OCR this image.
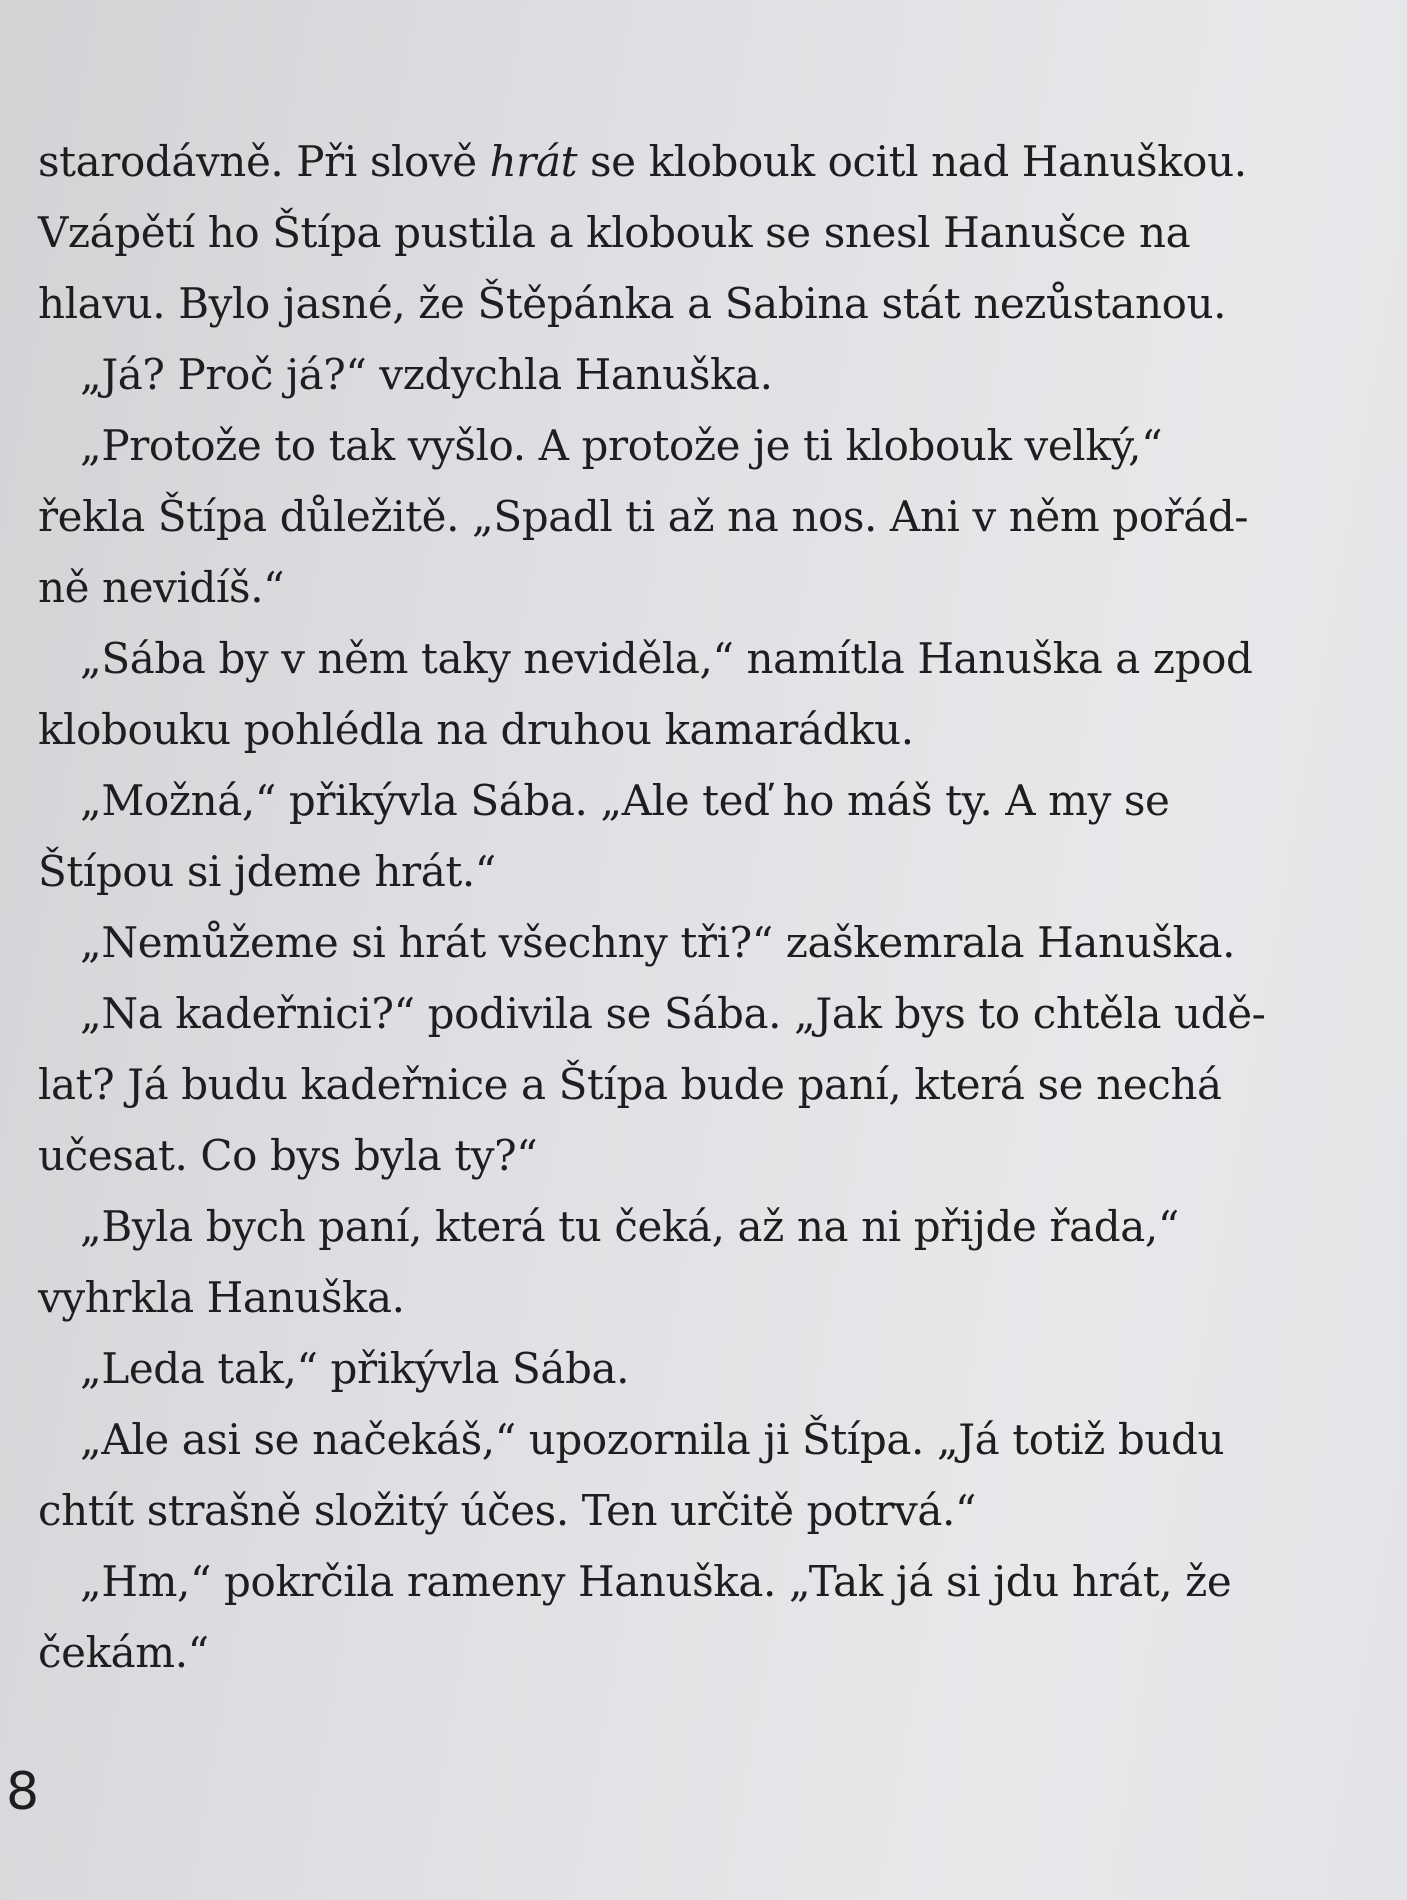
starodávně. Při slově hrát se klobouk ocitl nad Hanuškou.
Vzápětí ho Štípa pustila a klobouk se snesl Hanušce na
hlavu. Bylo jasné, že Štěpánka a Sabina stát nezůstanou.
„Já? Proč já?“ vzdychla Hanuška.
„Protože to tak vyšlo. A protože je ti klobouk velký,“
řekla Štípa důležitě. „Spadl ti až na nos. Ani v něm pořád-
ně nevidíš.“
„Sába by v něm taky neviděla,“ namítla Hanuška a zpod
klobouku pohlédla na druhou kamarádku.
„Možná,“ přikývla Sába. „Ale teď ho máš ty. A my se
Štípou si jdeme hrát.“
„Nemůžeme si hrát všechny tři?“ zaškemrala Hanuška.
„Na kadeřnici?“ podivila se Sába. „Jak bys to chtěla udě-
lat? Já budu kadeřnice a Štípa bude paní, která se nechá
učesat. Co bys byla ty?“
„Byla bych paní, která tu čeká, až na ni přijde řada,“
vyhrkla Hanuška.
„Leda tak,“ přikývla Sába.
„Ale asi se načekáš,“ upozornila ji Štípa. „Já totiž budu
chtít strašně složitý účes. Ten určitě potrvá.“
„Hm,“ pokrčila rameny Hanuška. „Tak já si jdu hrát, že
čekám.“
8
